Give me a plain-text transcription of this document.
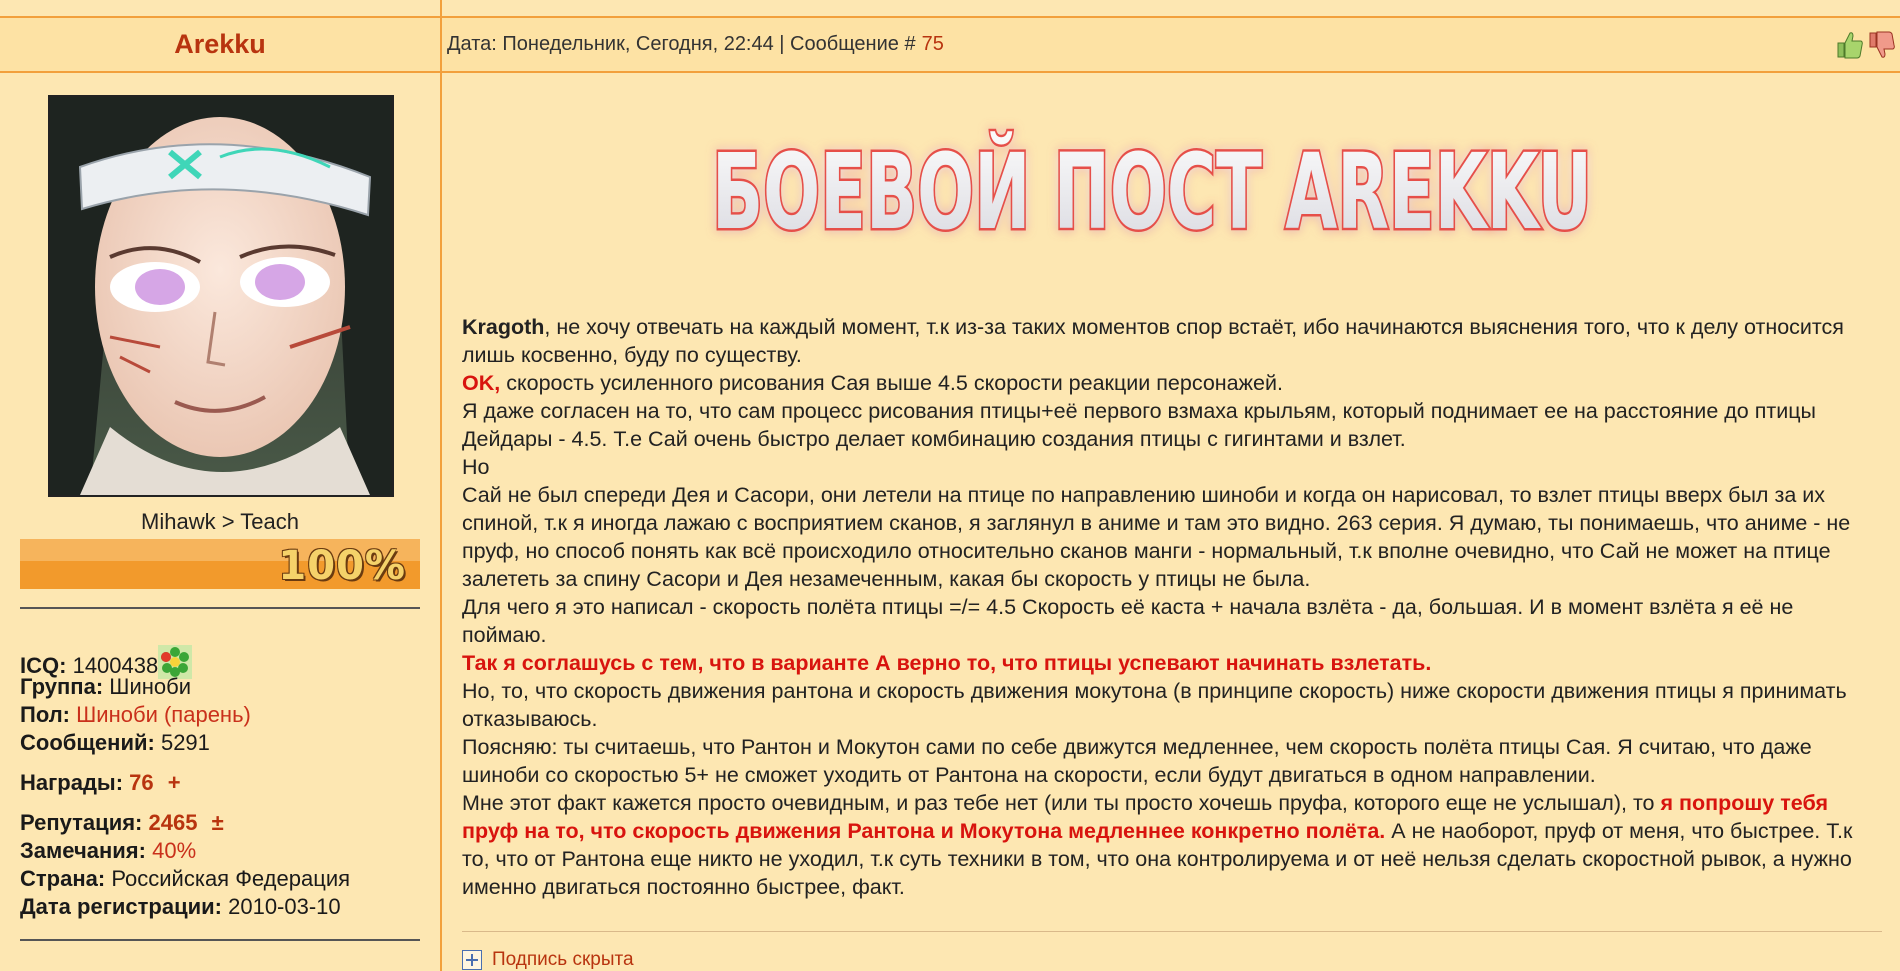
Arekku	Дата: Понедельник, Сегодня, 22:44 | Сообщение # 75
Mihawk > Teach
100%
ICQ: 1400438
Группа: Шиноби
Пол: Шиноби (парень)
Сообщений: 5291
Награды: 76 +
Репутация: 2465 ±
Замечания: 40%
Страна: Российская Федерация
Дата регистрации: 2010-03-10
БОЕВОЙ ПОСТ ARЕKKU

Kragoth, не хочу отвечать на каждый момент, т.к из-за таких моментов спор встаёт, ибо начинаются выяснения того, что к делу относится лишь косвенно, буду по существу.

OK, скорость усиленного рисования Сая выше 4.5 скорости реакции персонажей.

Я даже согласен на то, что сам процесс рисования птицы+её первого взмаха крыльям, который поднимает ее на расстояние до птицы Дейдары - 4.5. Т.е Сай очень быстро делает комбинацию создания птицы с гигинтами и взлет.

Но

Сай не был спереди Дея и Сасори, они летели на птице по направлению шиноби и когда он нарисовал, то взлет птицы вверх был за их спиной, т.к я иногда лажаю с восприятием сканов, я заглянул в аниме и там это видно. 263 серия. Я думаю, ты понимаешь, что аниме - не пруф, но способ понять как всё происходило относительно сканов манги - нормальный, т.к вполне очевидно, что Сай не может на птице залететь за спину Сасори и Дея незамеченным, какая бы скорость у птицы не была.

Для чего я это написал - скорость полёта птицы =/= 4.5 Скорость её каста + начала взлёта - да, большая. И в момент взлёта я её не поймаю.

Так я соглашусь с тем, что в варианте А верно то, что птицы успевают начинать взлетать.

Но, то, что скорость движения рантона и скорость движения мокутона (в принципе скорость) ниже скорости движения птицы я принимать отказываюсь.

Поясняю: ты считаешь, что Рантон и Мокутон сами по себе движутся медленнее, чем скорость полёта птицы Сая. Я считаю, что даже шиноби со скоростью 5+ не сможет уходить от Рантона на скорости, если будут двигаться в одном направлении.

Мне этот факт кажется просто очевидным, и раз тебе нет (или ты просто хочешь пруфа, которого еще не услышал), то я попрошу тебя пруф на то, что скорость движения Рантона и Мокутона медленнее конкретно полёта. А не наоборот, пруф от меня, что быстрее. Т.к то, что от Рантона еще никто не уходил, т.к суть техники в том, что она контролируема и от неё нельзя сделать скоростной рывок, а нужно именно двигаться постоянно быстрее, факт.

Подпись скрыта
